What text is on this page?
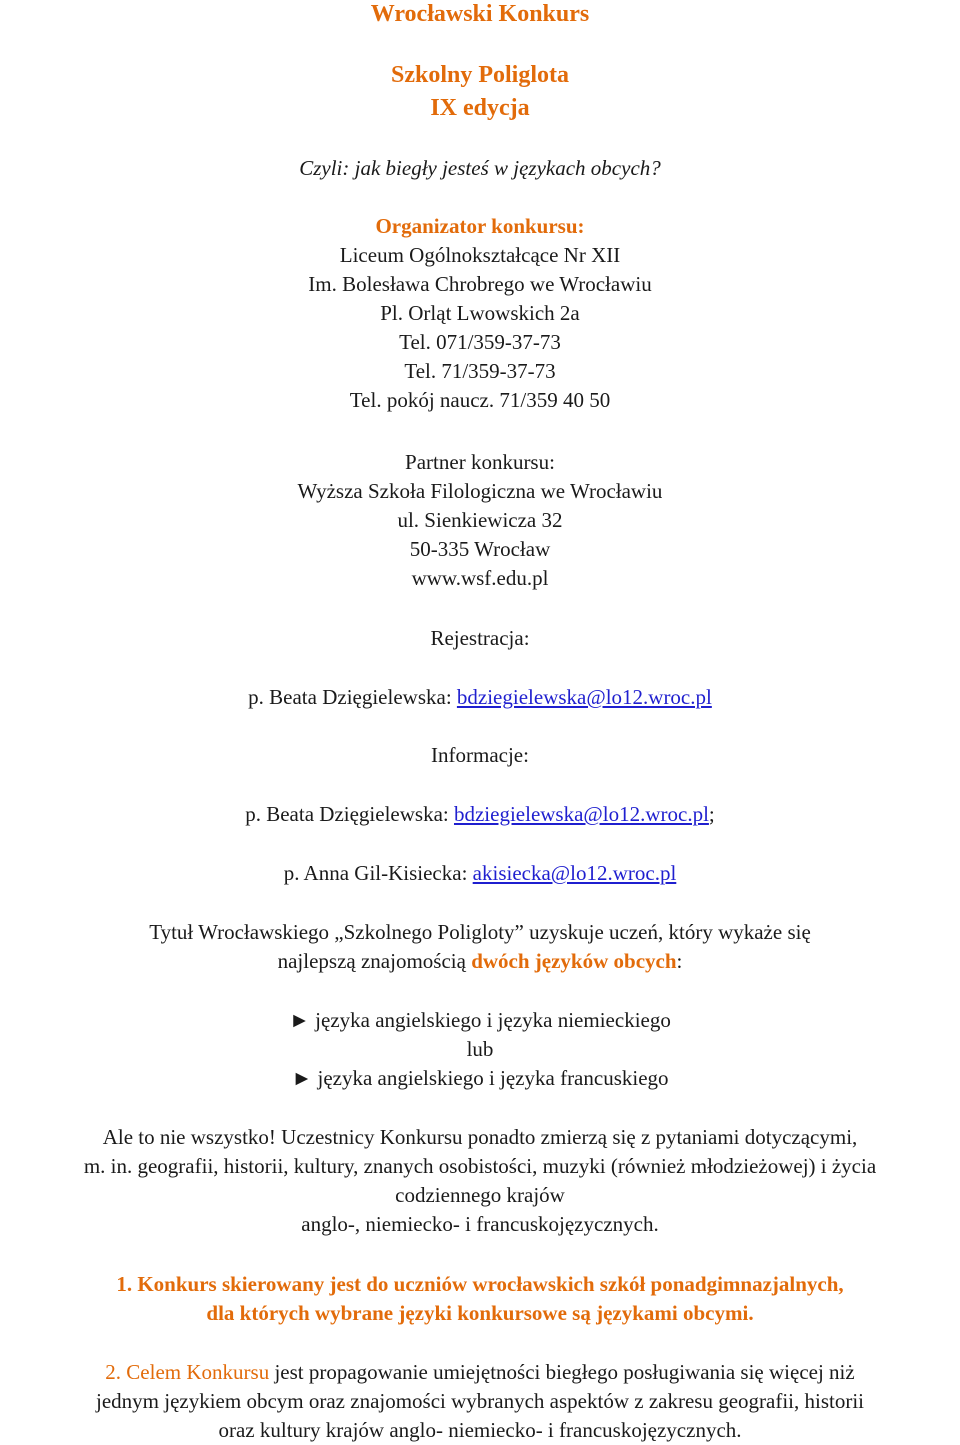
Wrocławski Konkurs
Szkolny Poliglota
IX edycja
Czyli: jak biegły jesteś w językach obcych?
Organizator konkursu:
Liceum Ogólnokształcące Nr XII
Im. Bolesława Chrobrego we Wrocławiu
Pl. Orląt Lwowskich 2a
Tel. 071/359-37-73
Tel. 71/359-37-73
Tel. pokój naucz. 71/359 40 50
Partner konkursu:
Wyższa Szkoła Filologiczna we Wrocławiu
ul. Sienkiewicza 32
50-335 Wrocław
www.wsf.edu.pl
Rejestracja:
p. Beata Dzięgielewska: bdziegielewska@lo12.wroc.pl
Informacje:
p. Beata Dzięgielewska: bdziegielewska@lo12.wroc.pl;
p. Anna Gil-Kisiecka: akisiecka@lo12.wroc.pl
Tytuł Wrocławskiego „Szkolnego Poligloty” uzyskuje uczeń, który wykaże się
najlepszą znajomością dwóch języków obcych:
► języka angielskiego i języka niemieckiego
lub
► języka angielskiego i języka francuskiego
Ale to nie wszystko! Uczestnicy Konkursu ponadto zmierzą się z pytaniami dotyczącymi,
m. in. geografii, historii, kultury, znanych osobistości, muzyki (również młodzieżowej) i życia
codziennego krajów
anglo-, niemiecko- i francuskojęzycznych.
1. Konkurs skierowany jest do uczniów wrocławskich szkół ponadgimnazjalnych,
dla których wybrane języki konkursowe są językami obcymi.
2. Celem Konkursu jest propagowanie umiejętności biegłego posługiwania się więcej niż
jednym językiem obcym oraz znajomości wybranych aspektów z zakresu geografii, historii
oraz kultury krajów anglo- niemiecko- i francuskojęzycznych.
